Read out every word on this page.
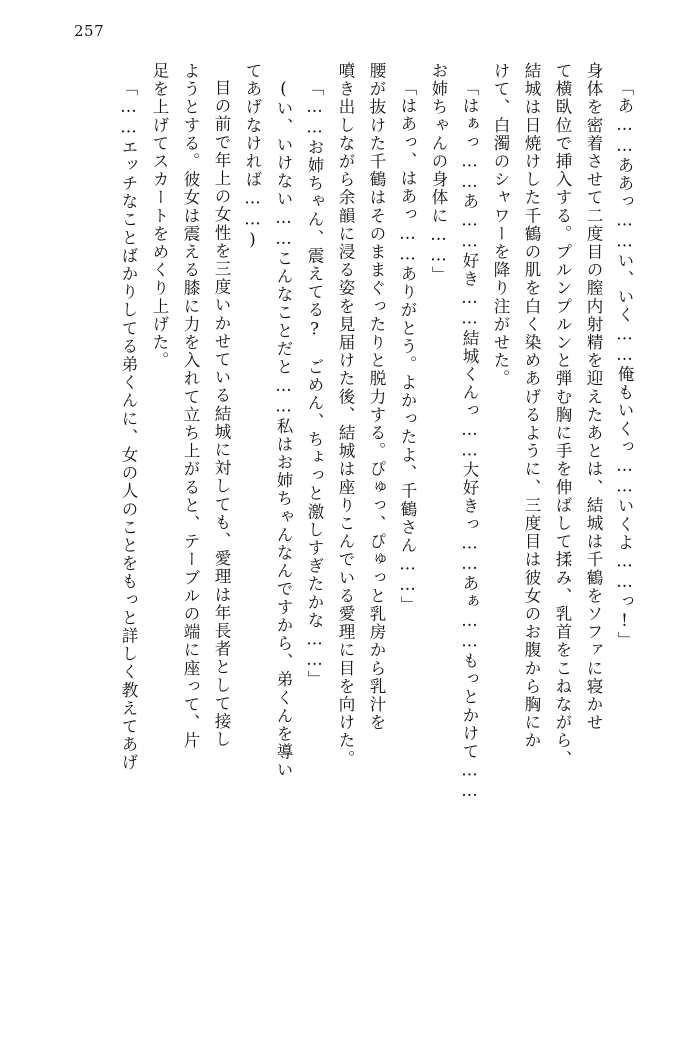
257
「あ……ああっ……い、いく……俺もいくっ……いくよ……っ!」
身体を密着させて二度目の膣内射精を迎えたあとは、結城は千鶴をソファに寝かせ
て横臥位で挿入する。プルンプルンと弾む胸に手を伸ばして揉み、乳首をこねながら、
結城は日焼けした千鶴の肌を白く染めあげるように、三度目は彼女のお腹から胸にか
けて、白濁のシャワーを降り注がせた。
「はぁっ……あ……好き……結城くんっ……大好きっ……あぁ……もっとかけて……
お姉ちゃんの身体に……」
「はあっ、はあっ……ありがとう。よかったよ、千鶴さん……」
腰が抜けた千鶴はそのままぐったりと脱力する。ぴゅっ、ぴゅっと乳房から乳汁を
噴き出しながら余韻に浸る姿を見届けた後、結城は座りこんでいる愛理に目を向けた。
「……お姉ちゃん、震えてる?　ごめん、ちょっと激しすぎたかな……」
(い、いけない……こんなことだと……私はお姉ちゃんなんですから、弟くんを導い
てあげなければ……)
目の前で年上の女性を三度いかせている結城に対しても、愛理は年長者として接し
ようとする。彼女は震える膝に力を入れて立ち上がると、テーブルの端に座って、片
足を上げてスカートをめくり上げた。
「……エッチなことばかりしてる弟くんに、女の人のことをもっと詳しく教えてあげ
